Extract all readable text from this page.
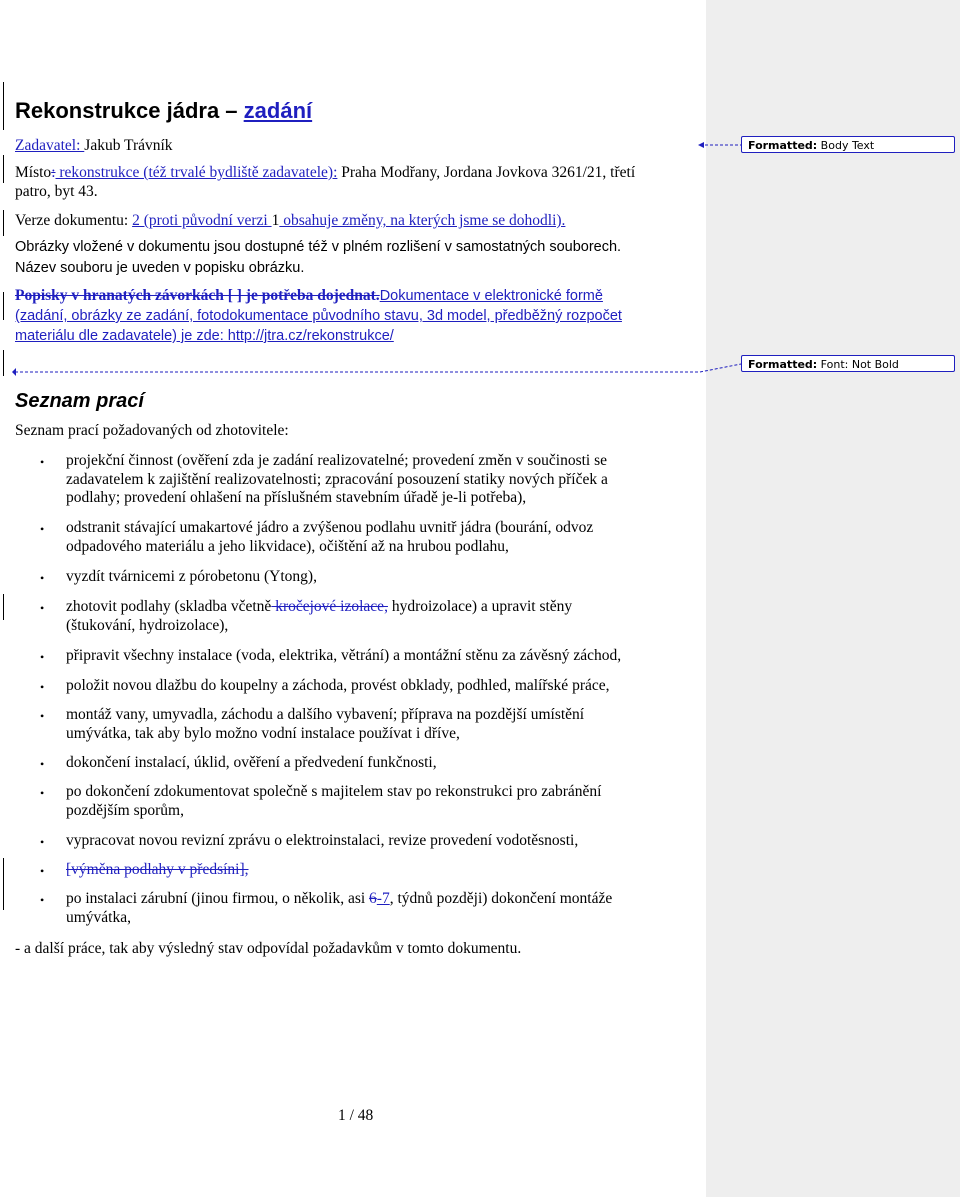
Rekonstrukce jádra – zadání
Zadavatel: Jakub Trávník
Místo: rekonstrukce (též trvalé bydliště zadavatele): Praha Modřany, Jordana Jovkova 3261/21, třetí
patro, byt 43.
Verze dokumentu: 2 (proti původní verzi 1 obsahuje změny, na kterých jsme se dohodli).
Obrázky vložené v dokumentu jsou dostupné též v plném rozlišení v samostatných souborech.
Název souboru je uveden v popisku obrázku.
Popisky v hranatých závorkách [ ] je potřeba dojednat.Dokumentace v elektronické formě
(zadání, obrázky ze zadání, fotodokumentace původního stavu, 3d model, předběžný rozpočet
materiálu dle zadavatele) je zde: http://jtra.cz/rekonstrukce/
Seznam prací
Seznam prací požadovaných od zhotovitele:
• projekční činnost (ověření zda je zadání realizovatelné; provedení změn v součinosti se
zadavatelem k zajištění realizovatelnosti; zpracování posouzení statiky nových příček a
podlahy; provedení ohlašení na příslušném stavebním úřadě je-li potřeba),
• odstranit stávající umakartové jádro a zvýšenou podlahu uvnitř jádra (bourání, odvoz
odpadového materiálu a jeho likvidace), očištění až na hrubou podlahu,
• vyzdít tvárnicemi z pórobetonu (Ytong),
• zhotovit podlahy (skladba včetně kročejové izolace, hydroizolace) a upravit stěny
(štukování, hydroizolace),
• připravit všechny instalace (voda, elektrika, větrání) a montážní stěnu za závěsný záchod,
• položit novou dlažbu do koupelny a záchoda, provést obklady, podhled, malířské práce,
• montáž vany, umyvadla, záchodu a dalšího vybavení; příprava na pozdější umístění
umývátka, tak aby bylo možno vodní instalace používat i dříve,
• dokončení instalací, úklid, ověření a předvedení funkčnosti,
• po dokončení zdokumentovat společně s majitelem stav po rekonstrukci pro zabránění
pozdějším sporům,
• vypracovat novou revizní zprávu o elektroinstalaci, revize provedení vodotěsnosti,
• [výměna podlahy v předsíni],
• po instalaci zárubní (jinou firmou, o několik, asi 6-7, týdnů později) dokončení montáže
umývátka,
- a další práce, tak aby výsledný stav odpovídal požadavkům v tomto dokumentu.
1 / 48
Formatted: Body Text
Formatted: Font: Not Bold
